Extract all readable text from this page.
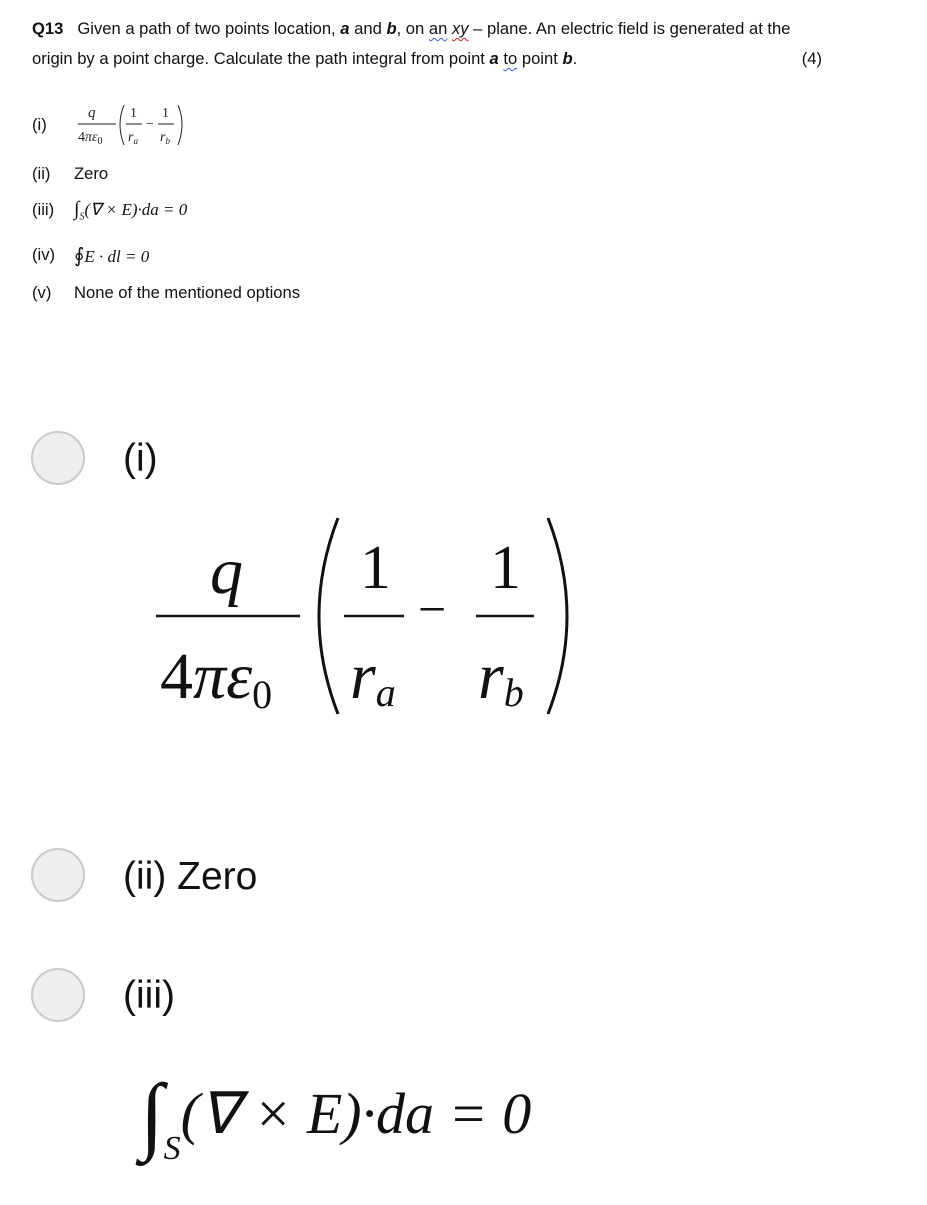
Q13 Given a path of two points location, a and b, on an xy – plane. An electric field is generated at the origin by a point charge. Calculate the path integral from point a to point b.	(4)
(i)
q
$4\pi\varepsilon_0$
1
$r_a$
−
1
$r_b$
(ii)	Zero
(iii) $\int_S(\nabla \times E)\cdot da = 0$
(iv) ∮E · dl = 0
(v)	None of the mentioned options
(i)
q
4πε0
1
ra
−
1
rb
(ii) Zero
(iii)
$\int_S(\nabla \times E)\cdot da = 0$
